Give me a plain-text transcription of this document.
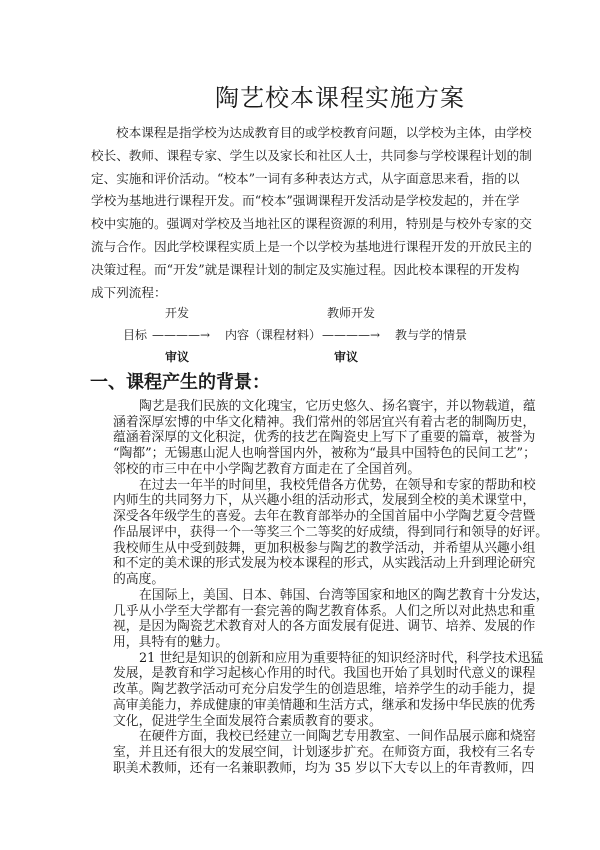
陶艺校本课程实施方案
校本课程是指学校为达成教育目的或学校教育问题，以学校为主体，由学校
校长、教师、课程专家、学生以及家长和社区人士，共同参与学校课程计划的制
定、实施和评价活动。“校本”一词有多种表达方式，从字面意思来看，指的以
学校为基地进行课程开发。而“校本”强调课程开发活动是学校发起的，并在学
校中实施的。强调对学校及当地社区的课程资源的利用，特别是与校外专家的交
流与合作。因此学校课程实质上是一个以学校为基地进行课程开发的开放民主的
决策过程。而“开发”就是课程计划的制定及实施过程。因此校本课程的开发构
成下列流程：
开发	教师开发
目标 ————→ 内容（课程材料） ————→ 教与学的情景
审议	审议
一、课程产生的背景：
陶艺是我们民族的文化瑰宝，它历史悠久、扬名寰宇，并以物载道，蕴
涵着深厚宏博的中华文化精神。我们常州的邻居宜兴有着古老的制陶历史，
蕴涵着深厚的文化积淀，优秀的技艺在陶瓷史上写下了重要的篇章，被誉为
“陶都”；无锡惠山泥人也响誉国内外，被称为“最具中国特色的民间工艺”；
邻校的市三中在中小学陶艺教育方面走在了全国首列。
在过去一年半的时间里，我校凭借各方优势，在领导和专家的帮助和校
内师生的共同努力下，从兴趣小组的活动形式，发展到全校的美术课堂中，
深受各年级学生的喜爱。去年在教育部举办的全国首届中小学陶艺夏令营暨
作品展评中，获得一个一等奖三个二等奖的好成绩，得到同行和领导的好评。
我校师生从中受到鼓舞，更加积极参与陶艺的教学活动，并希望从兴趣小组
和不定的美术课的形式发展为校本课程的形式，从实践活动上升到理论研究
的高度。
在国际上，美国、日本、韩国、台湾等国家和地区的陶艺教育十分发达，
几乎从小学至大学都有一套完善的陶艺教育体系。人们之所以对此热忠和重
视，是因为陶瓷艺术教育对人的各方面发展有促进、调节、培养、发展的作
用，具特有的魅力。
21 世纪是知识的创新和应用为重要特征的知识经济时代，科学技术迅猛
发展，是教育和学习起核心作用的时代。我国也开始了具划时代意义的课程
改革。陶艺教学活动可充分启发学生的创造思维，培养学生的动手能力，提
高审美能力，养成健康的审美情趣和生活方式，继承和发扬中华民族的优秀
文化，促进学生全面发展符合素质教育的要求。
在硬件方面，我校已经建立一间陶艺专用教室、一间作品展示廊和烧窑
室，并且还有很大的发展空间，计划逐步扩充。在师资方面，我校有三名专
职美术教师，还有一名兼职教师，均为 35 岁以下大专以上的年青教师，四
